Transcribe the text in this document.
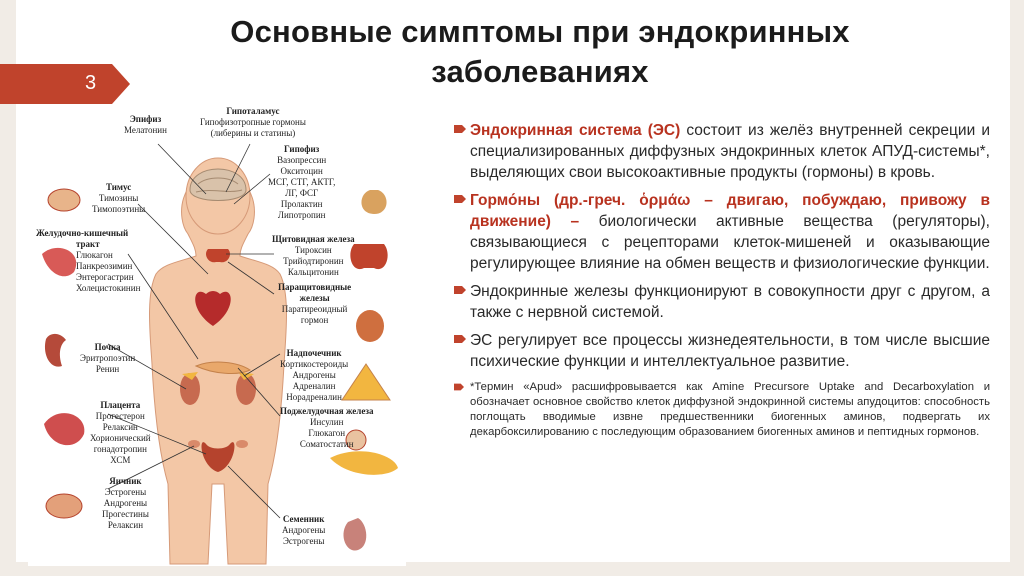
Основные симптомы при эндокринных заболеваниях
3
Эпифиз
Мелатонин
Гипоталамус
Гипофизотропные гормоны
(либерины и статины)
Гипофиз
Вазопрессин
Окситоцин
МСГ, СТГ, АКТГ,
ЛГ, ФСГ
Пролактин
Липотропин
Тимус
Тимозины
Тимопоэтины
Желудочно-кишечный
тракт
Глюкагон
Панкреозимин
Энтерогастрин
Холецистокинин
Щитовидная железа
Тироксин
Трийодтиронин
Кальцитонин
Паращитовидные
железы
Паратиреоидный
гормон
Почка
Эритропоэтин
Ренин
Надпочечник
Кортикостероиды
Андрогены
Адреналин
Норадреналин
Плацента
Прогестерон
Релаксин
Хорионический
гонадотропин
ХСМ
Поджелудочная железа
Инсулин
Глюкагон
Соматостатин
Яичник
Эстрогены
Андрогены
Прогестины
Релаксин
Семенник
Андрогены
Эстрогены
Эндокринная система (ЭС) состоит из желёз внутренней секреции и специализированных диффузных эндокринных клеток АПУД-системы*, выделяющих свои высокоактивные продукты (гормоны) в кровь.
Гормо́ны (др.-греч. ὁρμάω – двигаю, побуждаю, привожу в движение) – биологически активные вещества (регуляторы), связывающиеся с рецепторами клеток-мишеней и оказывающие регулирующее влияние на обмен веществ и физиологические функции.
Эндокринные железы функционируют в совокупности друг с другом, а также с нервной системой.
ЭС регулирует все процессы жизнедеятельности, в том числе высшие психические функции и интеллектуальное развитие.
*Термин «Apud» расшифровывается как Amine Precursore Uptake and Decarboxylation и обозначает основное свойство клеток диффузной эндокринной системы апудоцитов: способность поглощать вводимые извне предшественники биогенных аминов, подвергать их декарбоксилированию с последующим образованием биогенных аминов и пептидных гормонов.
